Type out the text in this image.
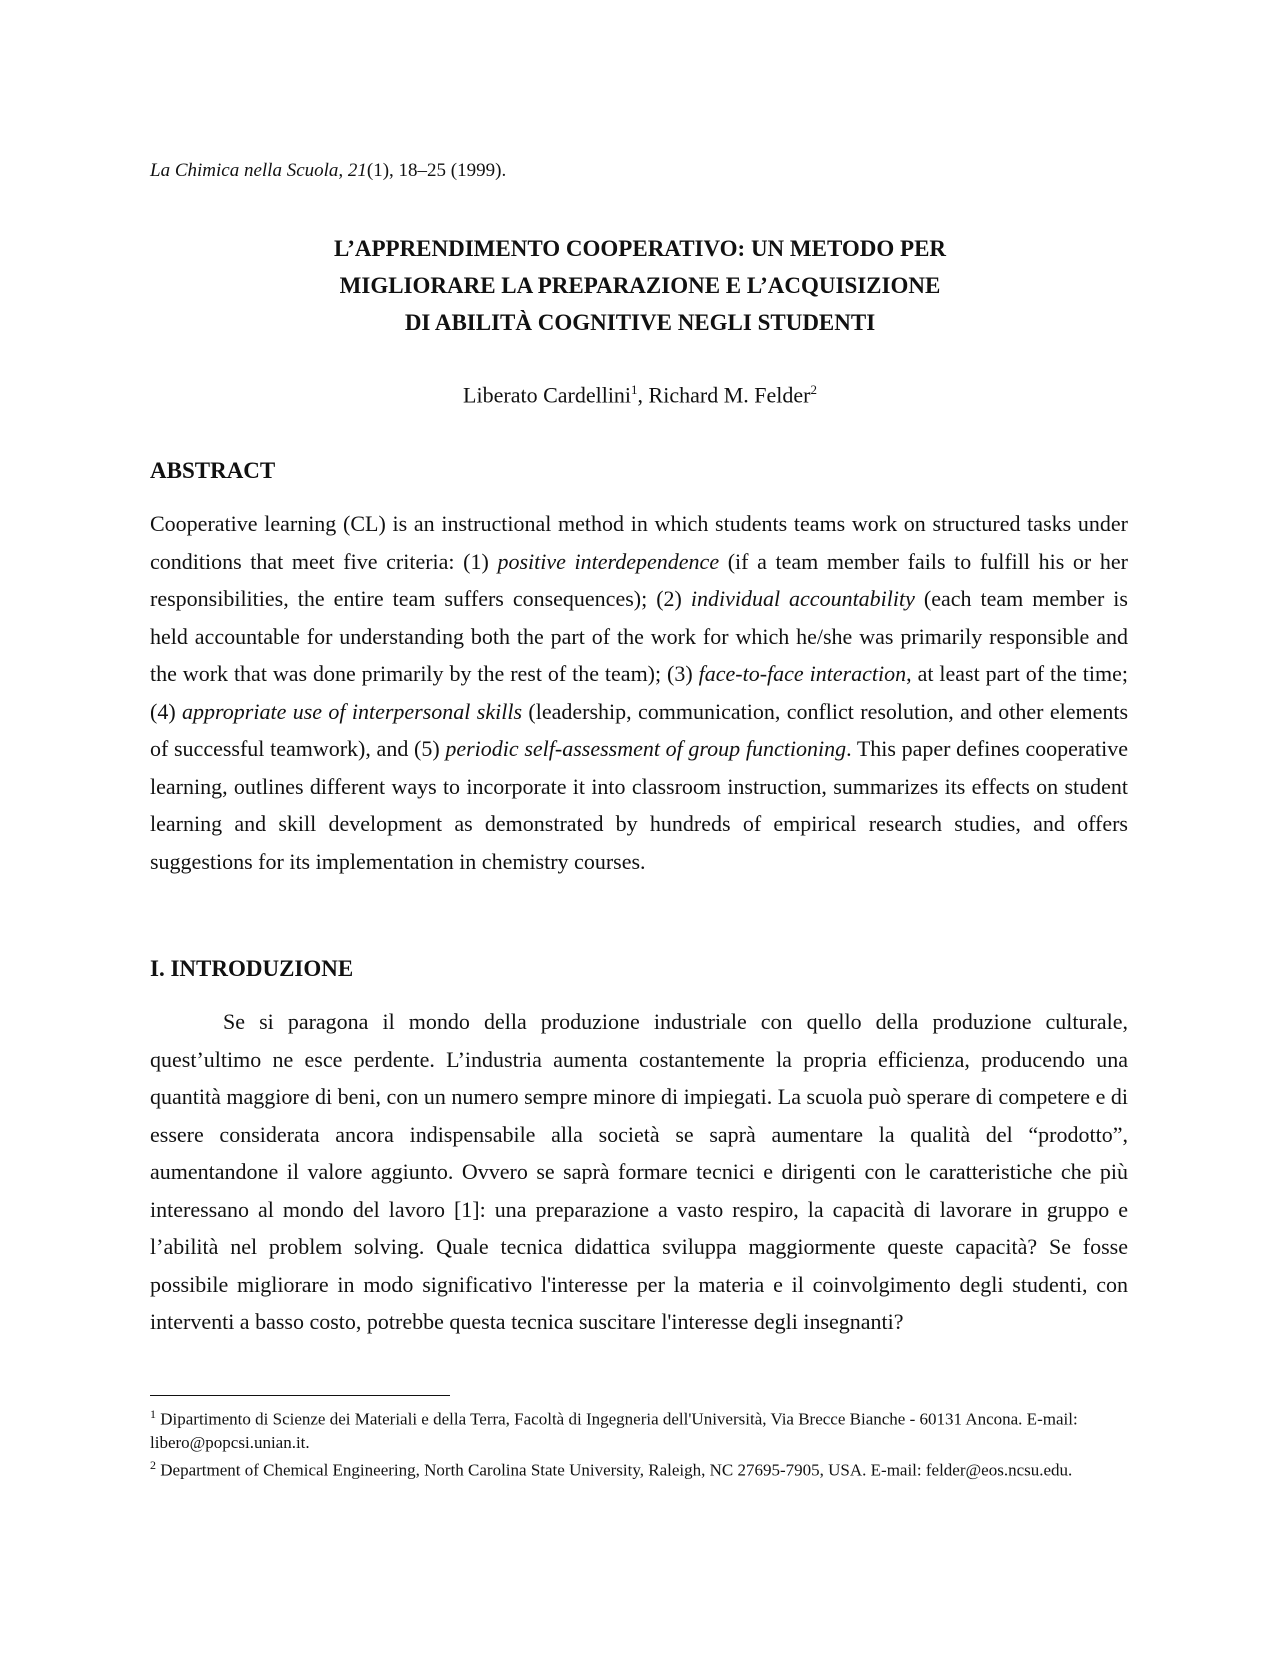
La Chimica nella Scuola, 21(1), 18–25 (1999).
L’APPRENDIMENTO COOPERATIVO: UN METODO PER
MIGLIORARE LA PREPARAZIONE E L’ACQUISIZIONE
DI ABILITÀ COGNITIVE NEGLI STUDENTI
Liberato Cardellini$^1$, Richard M. Felder$^2$
ABSTRACT
Cooperative learning (CL) is an instructional method in which students teams work on structured tasks under conditions that meet five criteria: (1) positive interdependence (if a team member fails to fulfill his or her responsibilities, the entire team suffers consequences); (2) individual accountability (each team member is held accountable for understanding both the part of the work for which he/she was primarily responsible and the work that was done primarily by the rest of the team); (3) face-to-face interaction, at least part of the time; (4) appropriate use of interpersonal skills (leadership, communication, conflict resolution, and other elements of successful teamwork), and (5) periodic self-assessment of group functioning. This paper defines cooperative learning, outlines different ways to incorporate it into classroom instruction, summarizes its effects on student learning and skill development as demonstrated by hundreds of empirical research studies, and offers suggestions for its implementation in chemistry courses.
I. INTRODUZIONE
Se si paragona il mondo della produzione industriale con quello della produzione culturale, quest’ultimo ne esce perdente. L’industria aumenta costantemente la propria efficienza, producendo una quantità maggiore di beni, con un numero sempre minore di impiegati. La scuola può sperare di competere e di essere considerata ancora indispensabile alla società se saprà aumentare la qualità del “prodotto”, aumentandone il valore aggiunto. Ovvero se saprà formare tecnici e dirigenti con le caratteristiche che più interessano al mondo del lavoro [1]: una preparazione a vasto respiro, la capacità di lavorare in gruppo e l’abilità nel problem solving. Quale tecnica didattica sviluppa maggiormente queste capacità? Se fosse possibile migliorare in modo significativo l'interesse per la materia e il coinvolgimento degli studenti, con interventi a basso costo, potrebbe questa tecnica suscitare l'interesse degli insegnanti?

$^1$ Dipartimento di Scienze dei Materiali e della Terra, Facoltà di Ingegneria dell'Università, Via Brecce Bianche - 60131 Ancona. E-mail: libero@popcsi.unian.it.

$^2$ Department of Chemical Engineering, North Carolina State University, Raleigh, NC 27695-7905, USA. E-mail: felder@eos.ncsu.edu.
